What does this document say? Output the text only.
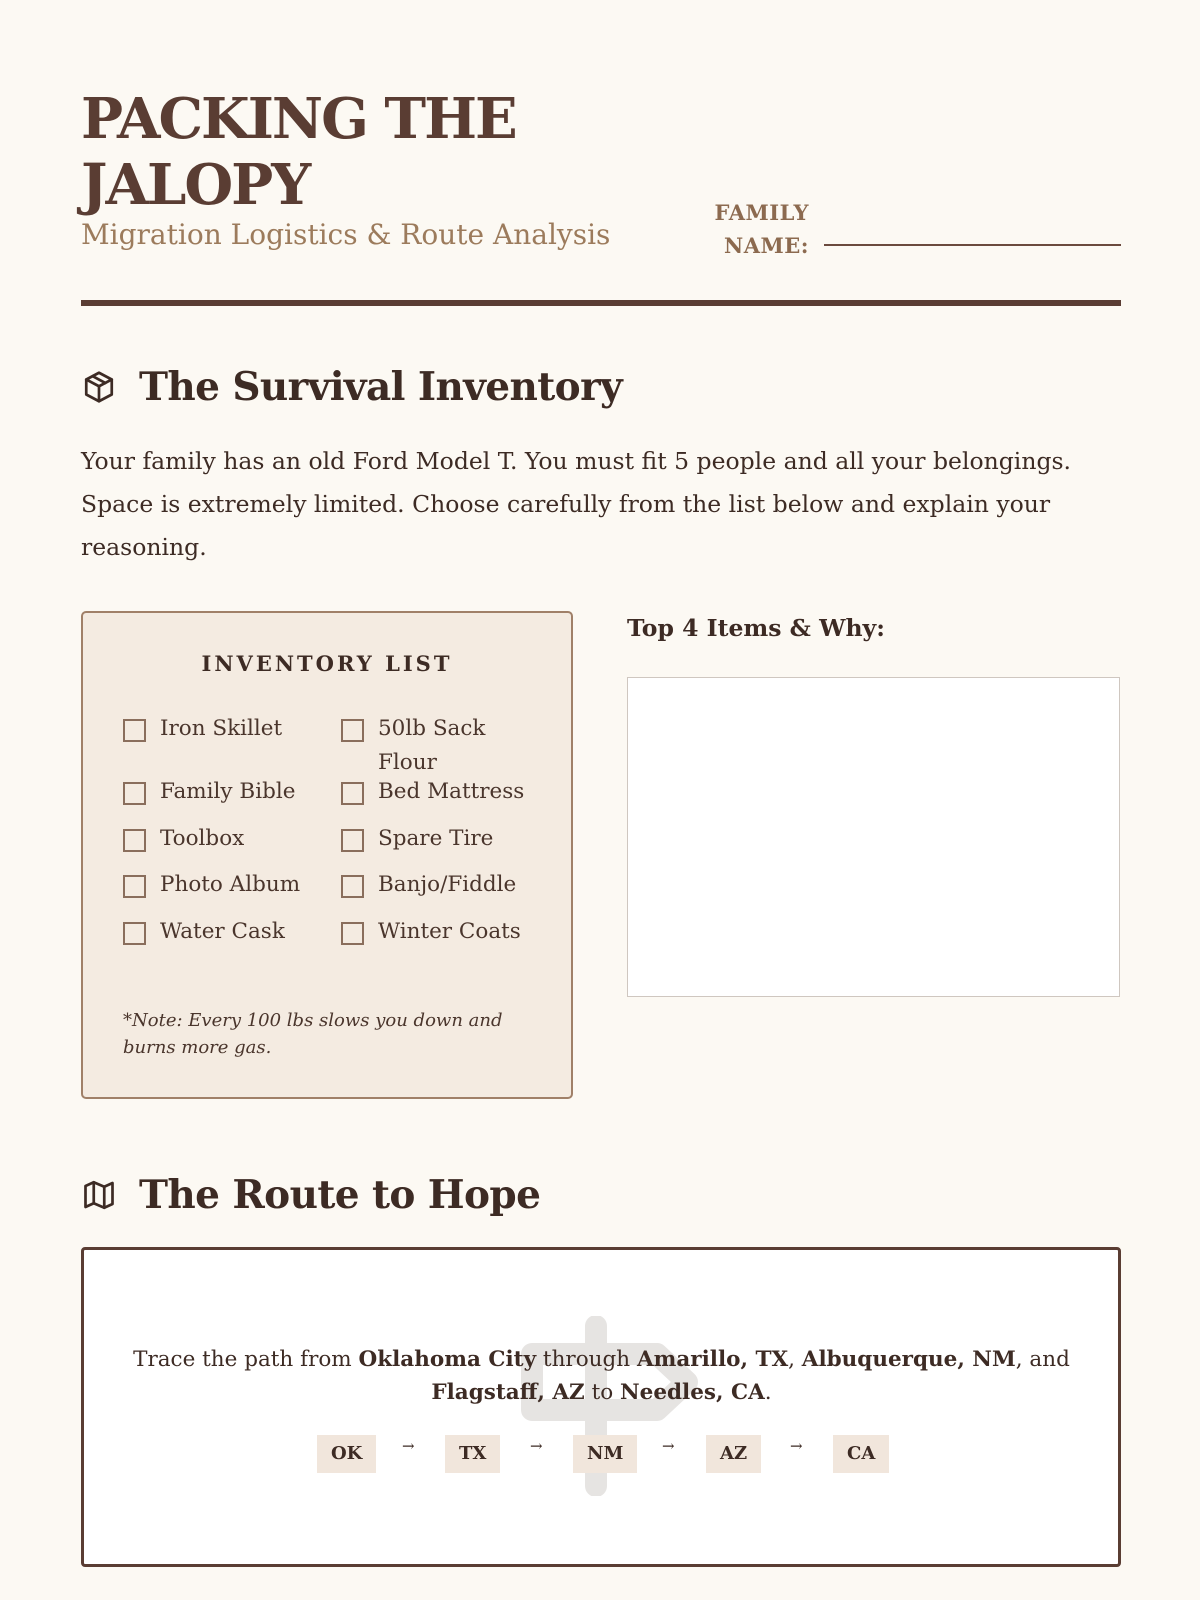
PACKING THE JALOPY
Migration Logistics & Route Analysis
FAMILY NAME:
The Survival Inventory

Your family has an old Ford Model T. You must fit 5 people and all your belongings. Space is extremely limited. Choose carefully from the list below and explain your reasoning.

INVENTORY LIST
Iron Skillet	50lb Sack Flour
Family Bible	Bed Mattress
Toolbox	Spare Tire
Photo Album	Banjo/Fiddle
Water Cask	Winter Coats
*Note: Every 100 lbs slows you down and burns more gas.
Top 4 Items & Why:
The Route to Hope
Trace the path from Oklahoma City through Amarillo, TX, Albuquerque, NM, and Flagstaff, AZ to Needles, CA.
OK	→	TX	→	NM	→	AZ	→	CA
